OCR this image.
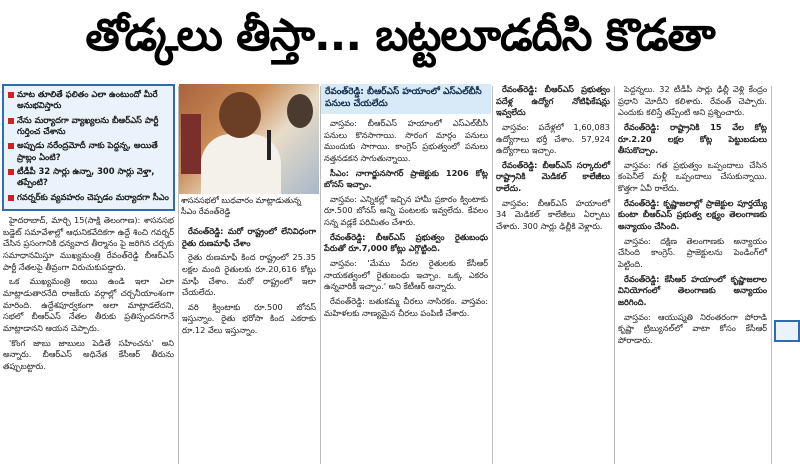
తోడ్కలు తీస్తా... బట్టలూడదీసి కొడతా
మాట తూలితే ఫలితం ఎలా ఉంటుందో మీరే అనుభవిస్తారు
నేను మర్యాదగా వ్యాఖ్యలను బీఆర్ఎస్ పార్టీ గుర్తించ చేశాను
అప్పుడు నరేంద్రమోదీ నాకు పెద్దన్న, అయితే ప్రాబ్లం ఏంటి?
టీడీపీ 32 సార్లు ఉన్నా, 300 సార్లు వెళ్తా, తప్పేంటి?
గవర్నర్‌కు వ్యవహరం చెప్పడం మర్యాదగా సీఎం

హైదరాబాద్, మార్చి 15(సాక్షి తెలంగాణ): శాసనసభ బడ్జెట్ సమావేశాల్లో ఆధునికవేదికగా ఉద్దే శించి గవర్నర్ చేసిన ప్రసంగానికి ధన్యవాద తీర్మానం పై జరిగిన చర్చకు సమాధానమిస్తూ ముఖ్యమంత్రి రేవంత్‌రెడ్డి బీఆర్ఎస్ పార్టీ నేతలపై తీవ్రంగా విరుచుకుపడ్డారు.

ఒక ముఖ్యమంత్రి అయి ఉండి ఇలా ఎలా మాట్లాడుతారనేది రాజకీయ వర్గాల్లో చర్చనీయాంశంగా మారింది. ఉద్దేశపూర్వకంగా అలా మాట్లాడలేదని, సభలో బీఆర్ఎస్ నేతల తీరుకు ప్రతిస్పందనగానే మాట్లాడానని ఆయన చెప్పారు.

'కొంగ జాబు జాబులు పెడితే సహించను' అని అన్నారు. బీఆర్ఎస్ అధినేత కేసీఆర్ తీరును తప్పుబట్టారు.

శాసనసభలో బుధవారం మాట్లాడుతున్న సీఎం రేవంత్‌రెడ్డి

రేవంత్‌రెడ్డి: మరో రాష్ట్రంలో లేనివిధంగా రైతు రుణమాఫీ చేశాం

రైతు రుణమాఫీ కింద రాష్ట్రంలో 25.35 లక్షల మంది రైతులకు రూ.20,616 కోట్లు మాఫీ చేశాం. మరో రాష్ట్రంలో ఇలా చేయలేదు.

వరి క్వింటాకు రూ.500 బోనస్ ఇస్తున్నాం. రైతు భరోసా కింద ఎకరాకు రూ.12 వేలు ఇస్తున్నాం.

రేవంత్‌రెడ్డి: బీఆర్ఎస్ హయాంలో ఎస్ఎల్‌బీసీ పనులు చేయలేదు

వాస్తవం: బీఆర్ఎస్ హయాంలో ఎస్ఎల్‌బీసీ పనులు కొనసాగాయి. సొరంగ మార్గం పనులు ముందుకు సాగాయి. కాంగ్రెస్ ప్రభుత్వంలో పనులు నత్తనడకన సాగుతున్నాయి.

సీఎం: నాగార్జునసాగర్ ప్రాజెక్టుకు 1206 కోట్ల బోనస్ ఇచ్చాం.

వాస్తవం: ఎన్నికల్లో ఇచ్చిన హామీ ప్రకారం క్వింటాకు రూ.500 బోనస్ అన్ని పంటలకు ఇవ్వలేదు. కేవలం సన్న వడ్లకే పరిమితం చేశారు.

రేవంత్‌రెడ్డి: బీఆర్ఎస్ ప్రభుత్వం రైతుబంధు పేరుతో రూ.7,000 కోట్లు ఎగ్గొట్టింది.

వాస్తవం: 'మేము పేదల రైతులకు కేసీఆర్ నాయకత్వంలో రైతుబంధు ఇచ్చాం. ఒక్క ఎకరం ఉన్నవారికీ ఇచ్చాం.' అని కేటీఆర్ అన్నారు.

రేవంత్‌రెడ్డి: బతుకమ్మ చీరలు నాసిరకం. వాస్తవం: మహిళలకు నాణ్యమైన చీరలు పంపిణీ చేశారు.

రేవంత్‌రెడ్డి: బీఆర్ఎస్ ప్రభుత్వం పదేళ్ల ఉద్యోగ నోటిఫికేషన్లు ఇవ్వలేదు

వాస్తవం: పదేళ్లలో 1,60,083 ఉద్యోగాలు భర్తీ చేశాం. 57,924 ఉద్యోగాలు ఇచ్చాం.

రేవంత్‌రెడ్డి: బీఆర్ఎస్ సర్కారులో రాష్ట్రానికి మెడికల్ కాలేజీలు రాలేదు.

వాస్తవం: బీఆర్ఎస్ హయాంలో 34 మెడికల్ కాలేజీలు ఏర్పాటు చేశారు. 300 సార్లు ఢిల్లీకి వెళ్లారు.

పెద్దన్నలు. 32 టీడీపీ సార్లు ఢిల్లీ వెళ్లి కేంద్రం ప్రధాని మోదీని కలిశారు. రేవంత్ చెప్పారు. ఎందుకు కలిస్తే తప్పేంటి అని ప్రశ్నించారు.

రేవంత్‌రెడ్డి: రాష్ట్రానికి 15 వేల కోట్ల రూ.2.20 లక్షల కోట్ల పెట్టుబడులు తీసుకొచ్చాం.

వాస్తవం: గత ప్రభుత్వం ఒప్పందాలు చేసిన కంపెనీలే మళ్లీ ఒప్పందాలు చేసుకున్నాయి. కొత్తగా ఏవీ రాలేదు.

రేవంత్‌రెడ్డి: కృష్ణాజలాల్లో ప్రాజెక్టుల పూర్తయ్యే కుంటా బీఆర్ఎస్ ప్రభుత్వ లక్ష్యం తెలంగాణకు అన్యాయం చేసింది.

వాస్తవం: దక్షిణ తెలంగాణకు అన్యాయం చేసింది కాంగ్రెస్. ప్రాజెక్టులను పెండింగ్‌లో పెట్టింది.

రేవంత్‌రెడ్డి: కేసీఆర్ హయాంలో కృష్ణాజలాల వినియోగంలో తెలంగాణకు అన్యాయం జరిగింది.

వాస్తవం: ఆయుష్మతి నిరంతరంగా పోరాడి కృష్ణా ట్రిబ్యునల్‌లో వాటా కోసం కేసీఆర్ పోరాడారు.
